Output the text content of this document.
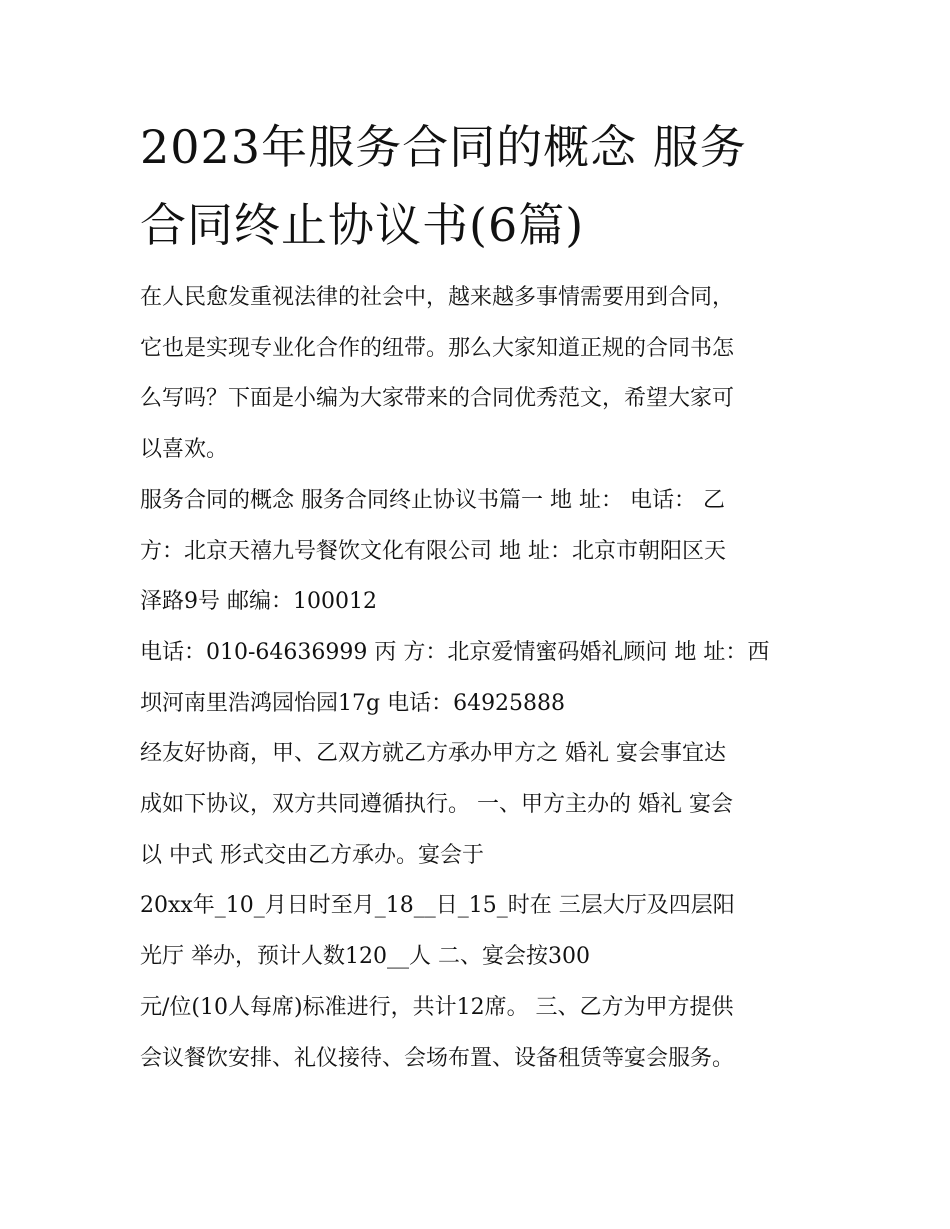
2023年服务合同的概念 服务
合同终止协议书(6篇)

在人民愈发重视法律的社会中，越来越多事情需要用到合同，
它也是实现专业化合作的纽带。那么大家知道正规的合同书怎
么写吗？下面是小编为大家带来的合同优秀范文，希望大家可
以喜欢。

服务合同的概念 服务合同终止协议书篇一 地 址： 电话： 乙
方：北京天禧九号餐饮文化有限公司 地 址：北京市朝阳区天
泽路9号 邮编：100012

电话：010-64636999 丙 方：北京爱情蜜码婚礼顾问 地 址：西
坝河南里浩鸿园怡园17g 电话：64925888

经友好协商，甲、乙双方就乙方承办甲方之 婚礼 宴会事宜达
成如下协议，双方共同遵循执行。 一、甲方主办的 婚礼 宴会
以 中式 形式交由乙方承办。宴会于

20xx年_10_月日时至月_18__日_15_时在 三层大厅及四层阳
光厅 举办，预计人数120__人 二、宴会按300

元/位(10人每席)标准进行，共计12席。 三、乙方为甲方提供
会议餐饮安排、礼仪接待、会场布置、设备租赁等宴会服务。
